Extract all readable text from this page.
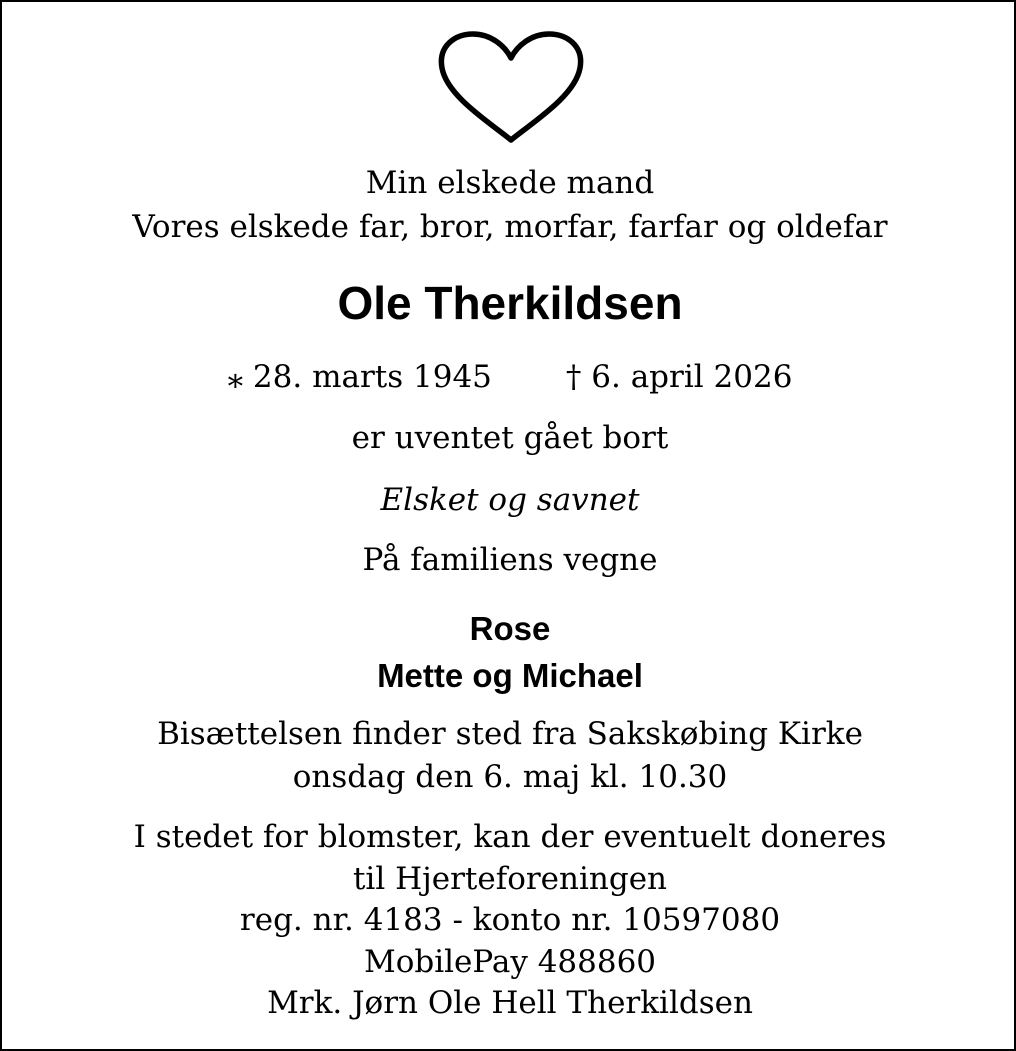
Min elskede mand
Vores elskede far, bror, morfar, farfar og oldefar
Ole Therkildsen
⁎ 28. marts 1945 † 6. april 2026
er uventet gået bort
Elsket og savnet
På familiens vegne
Rose
Mette og Michael
Bisættelsen finder sted fra Sakskøbing Kirke
onsdag den 6. maj kl. 10.30
I stedet for blomster, kan der eventuelt doneres
til Hjerteforeningen
reg. nr. 4183 - konto nr. 10597080
MobilePay 488860
Mrk. Jørn Ole Hell Therkildsen
